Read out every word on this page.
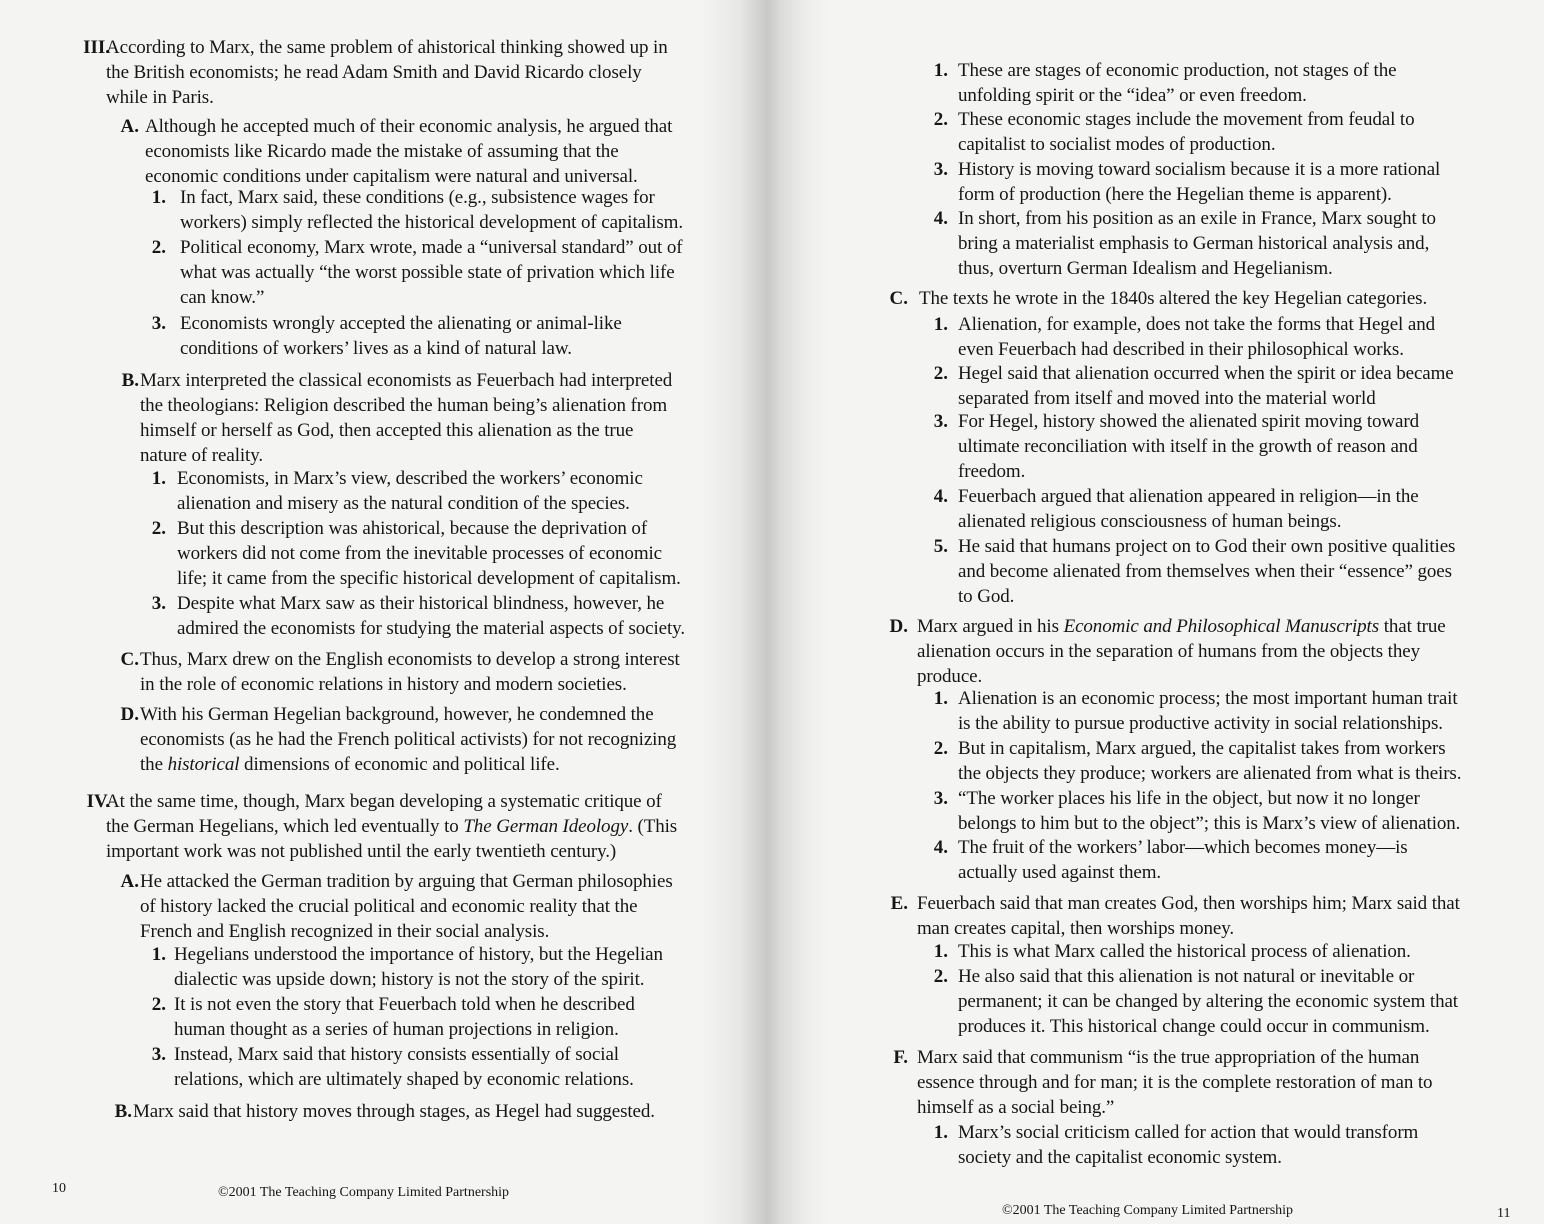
III.
According to Marx, the same problem of ahistorical thinking showed up in
the British economists; he read Adam Smith and David Ricardo closely
while in Paris.
A. Although he accepted much of their economic analysis, he argued that
economists like Ricardo made the mistake of assuming that the
economic conditions under capitalism were natural and universal.
1. In fact, Marx said, these conditions (e.g., subsistence wages for
workers) simply reflected the historical development of capitalism.
2. Political economy, Marx wrote, made a “universal standard” out of
what was actually “the worst possible state of privation which life
can know.”
3. Economists wrongly accepted the alienating or animal-like
conditions of workers’ lives as a kind of natural law.
B. Marx interpreted the classical economists as Feuerbach had interpreted
the theologians: Religion described the human being’s alienation from
himself or herself as God, then accepted this alienation as the true
nature of reality.
1. Economists, in Marx’s view, described the workers’ economic
alienation and misery as the natural condition of the species.
2. But this description was ahistorical, because the deprivation of
workers did not come from the inevitable processes of economic
life; it came from the specific historical development of capitalism.
3. Despite what Marx saw as their historical blindness, however, he
admired the economists for studying the material aspects of society.
C. Thus, Marx drew on the English economists to develop a strong interest
in the role of economic relations in history and modern societies.
D. With his German Hegelian background, however, he condemned the
economists (as he had the French political activists) for not recognizing
the historical dimensions of economic and political life.
IV.
At the same time, though, Marx began developing a systematic critique of
the German Hegelians, which led eventually to The German Ideology. (This
important work was not published until the early twentieth century.)
A. He attacked the German tradition by arguing that German philosophies
of history lacked the crucial political and economic reality that the
French and English recognized in their social analysis.
1. Hegelians understood the importance of history, but the Hegelian
dialectic was upside down; history is not the story of the spirit.
2. It is not even the story that Feuerbach told when he described
human thought as a series of human projections in religion.
3. Instead, Marx said that history consists essentially of social
relations, which are ultimately shaped by economic relations.
B. Marx said that history moves through stages, as Hegel had suggested.
1. These are stages of economic production, not stages of the
unfolding spirit or the “idea” or even freedom.
2. These economic stages include the movement from feudal to
capitalist to socialist modes of production.
3. History is moving toward socialism because it is a more rational
form of production (here the Hegelian theme is apparent).
4. In short, from his position as an exile in France, Marx sought to
bring a materialist emphasis to German historical analysis and,
thus, overturn German Idealism and Hegelianism.
C. The texts he wrote in the 1840s altered the key Hegelian categories.
1. Alienation, for example, does not take the forms that Hegel and
even Feuerbach had described in their philosophical works.
2. Hegel said that alienation occurred when the spirit or idea became
separated from itself and moved into the material world
3. For Hegel, history showed the alienated spirit moving toward
ultimate reconciliation with itself in the growth of reason and
freedom.
4. Feuerbach argued that alienation appeared in religion—in the
alienated religious consciousness of human beings.
5. He said that humans project on to God their own positive qualities
and become alienated from themselves when their “essence” goes
to God.
D. Marx argued in his Economic and Philosophical Manuscripts that true
alienation occurs in the separation of humans from the objects they
produce.
1. Alienation is an economic process; the most important human trait
is the ability to pursue productive activity in social relationships.
2. But in capitalism, Marx argued, the capitalist takes from workers
the objects they produce; workers are alienated from what is theirs.
3. “The worker places his life in the object, but now it no longer
belongs to him but to the object”; this is Marx’s view of alienation.
4. The fruit of the workers’ labor—which becomes money—is
actually used against them.
E. Feuerbach said that man creates God, then worships him; Marx said that
man creates capital, then worships money.
1. This is what Marx called the historical process of alienation.
2. He also said that this alienation is not natural or inevitable or
permanent; it can be changed by altering the economic system that
produces it. This historical change could occur in communism.
F. Marx said that communism “is the true appropriation of the human
essence through and for man; it is the complete restoration of man to
himself as a social being.”
1. Marx’s social criticism called for action that would transform
society and the capitalist economic system.
10	©2001 The Teaching Company Limited Partnership
©2001 The Teaching Company Limited Partnership	11
